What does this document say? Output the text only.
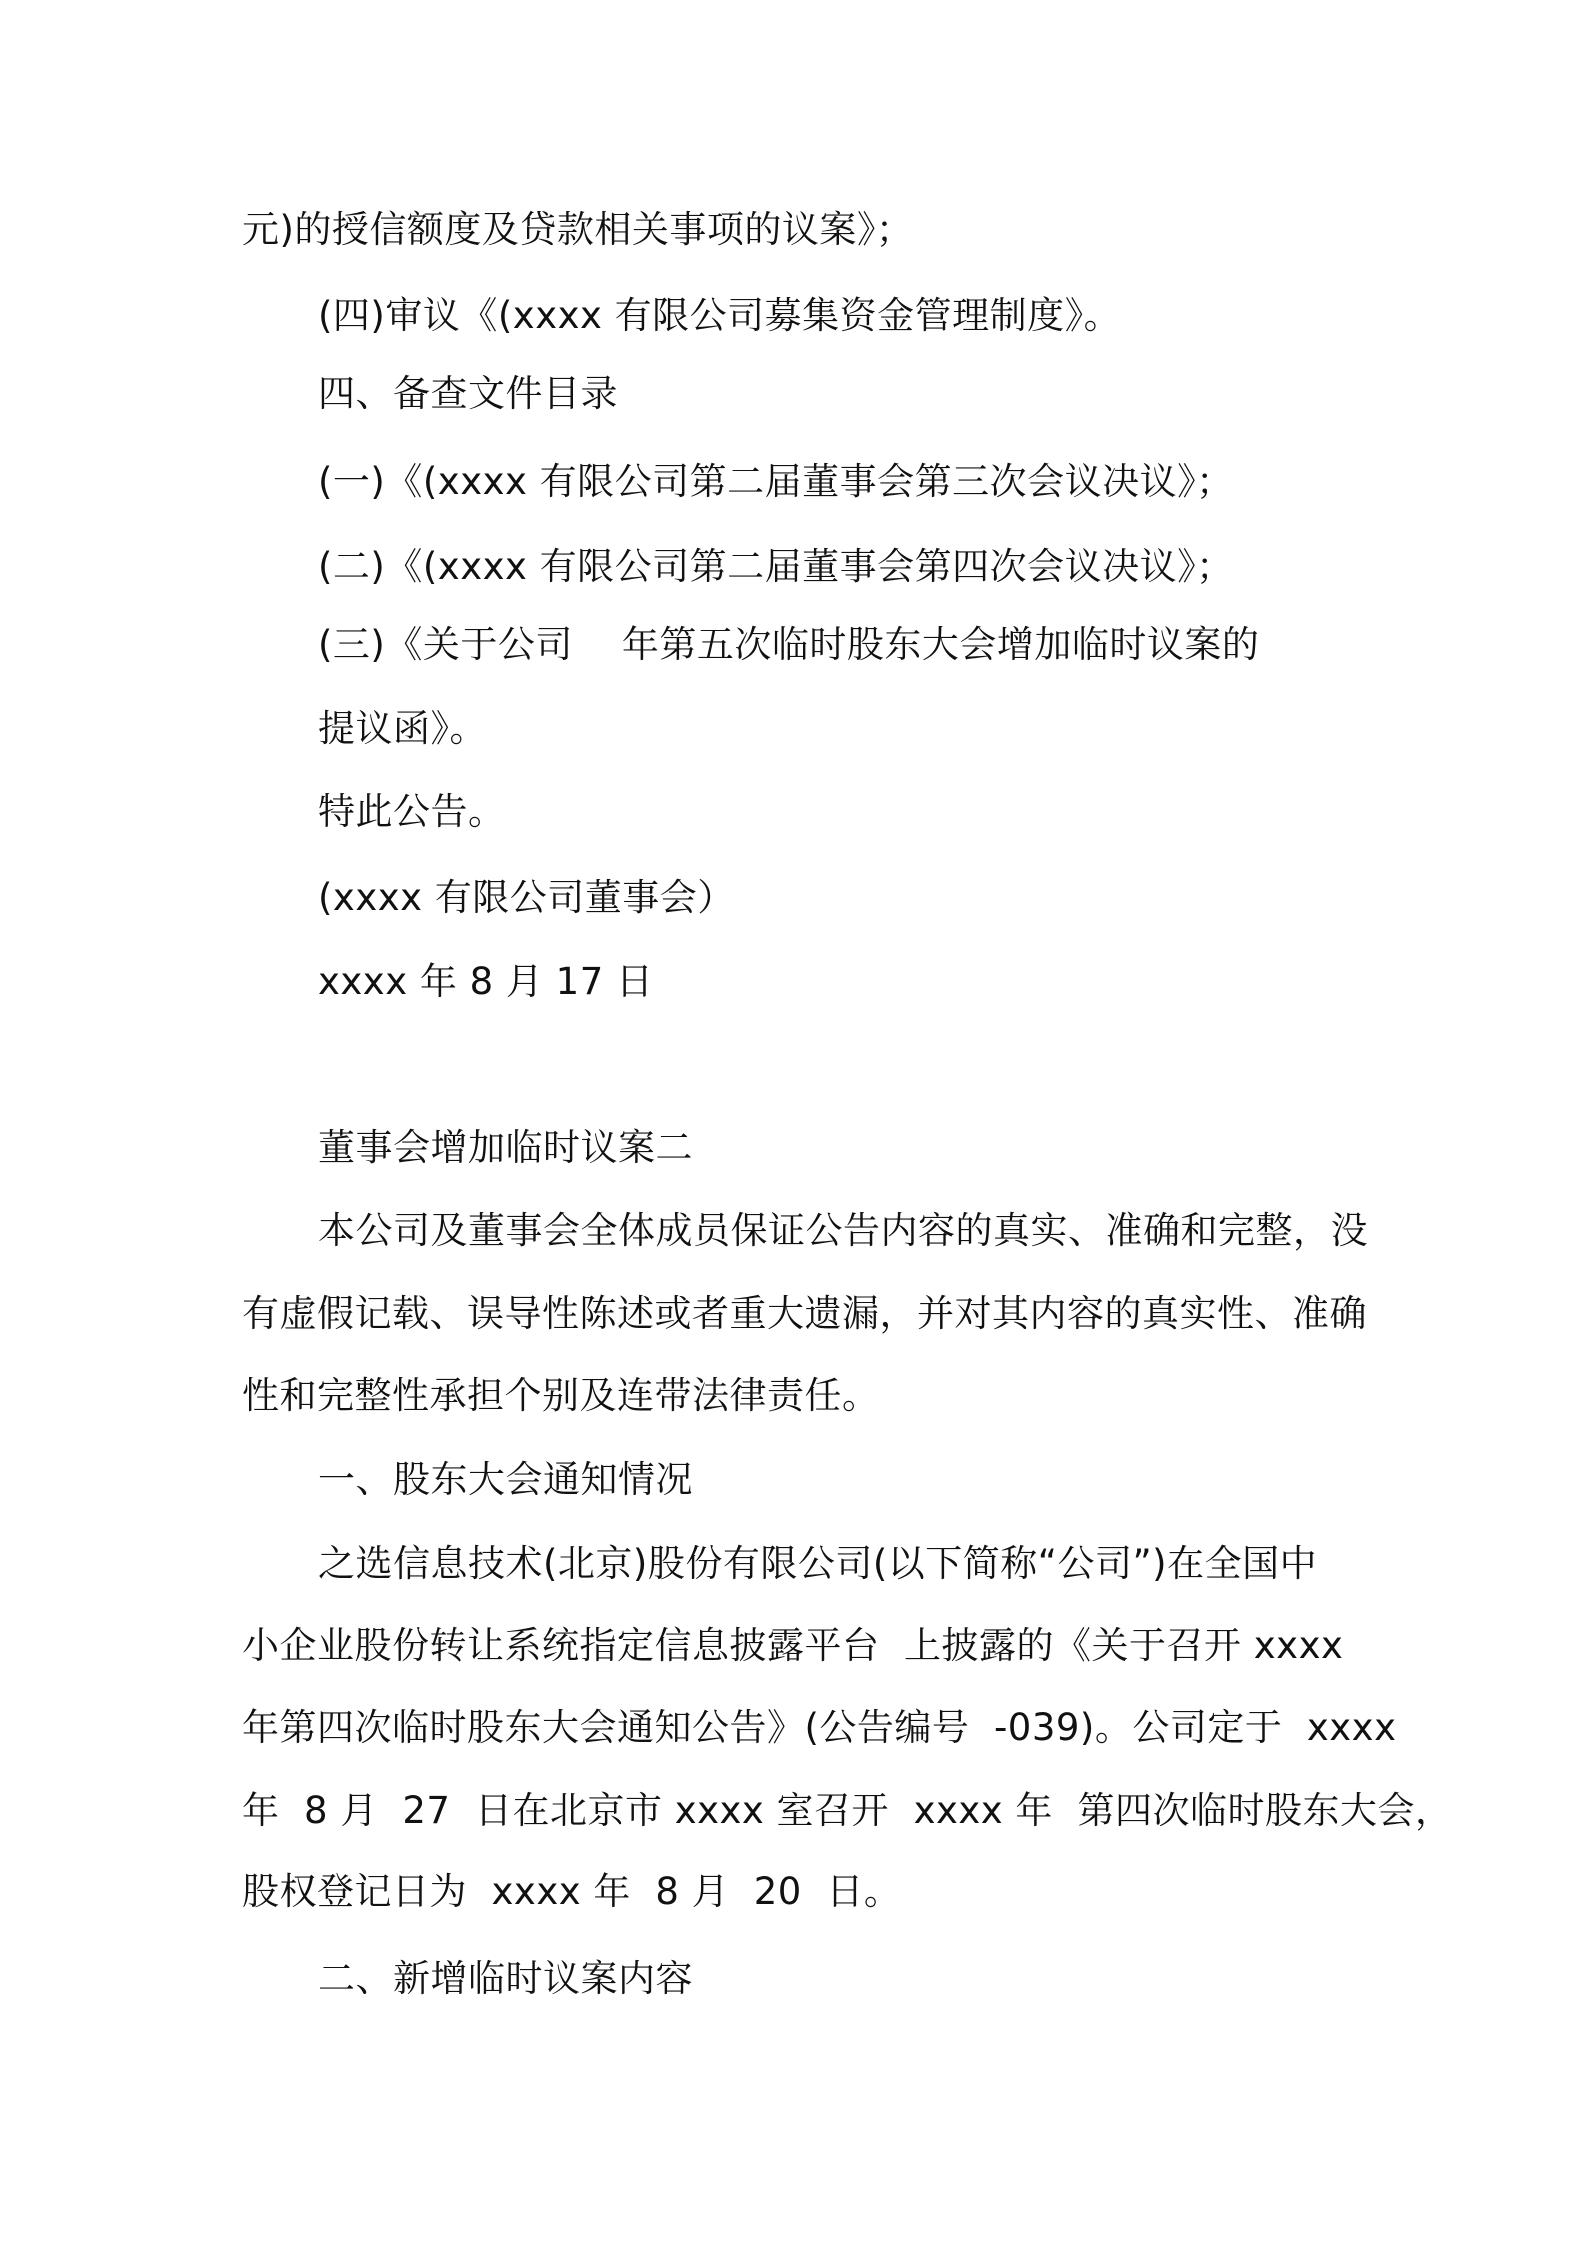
元)的授信额度及贷款相关事项的议案》；
(四)审议《(xxxx 有限公司募集资金管理制度》。
四、备查文件目录
(一)《(xxxx 有限公司第二届董事会第三次会议决议》；
(二)《(xxxx 有限公司第二届董事会第四次会议决议》；
(三)《关于公司    年第五次临时股东大会增加临时议案的
提议函》。
特此公告。
(xxxx 有限公司董事会）
xxxx 年 8 月 17 日
董事会增加临时议案二
本公司及董事会全体成员保证公告内容的真实、准确和完整，没
有虚假记载、误导性陈述或者重大遗漏，并对其内容的真实性、准确
性和完整性承担个别及连带法律责任。
一、股东大会通知情况
之选信息技术(北京)股份有限公司(以下简称“公司”)在全国中
小企业股份转让系统指定信息披露平台  上披露的《关于召开 xxxx
年第四次临时股东大会通知公告》(公告编号  -039)。公司定于  xxxx
年  8 月  27  日在北京市 xxxx 室召开  xxxx 年  第四次临时股东大会，
股权登记日为  xxxx 年  8 月  20  日。
二、新增临时议案内容
